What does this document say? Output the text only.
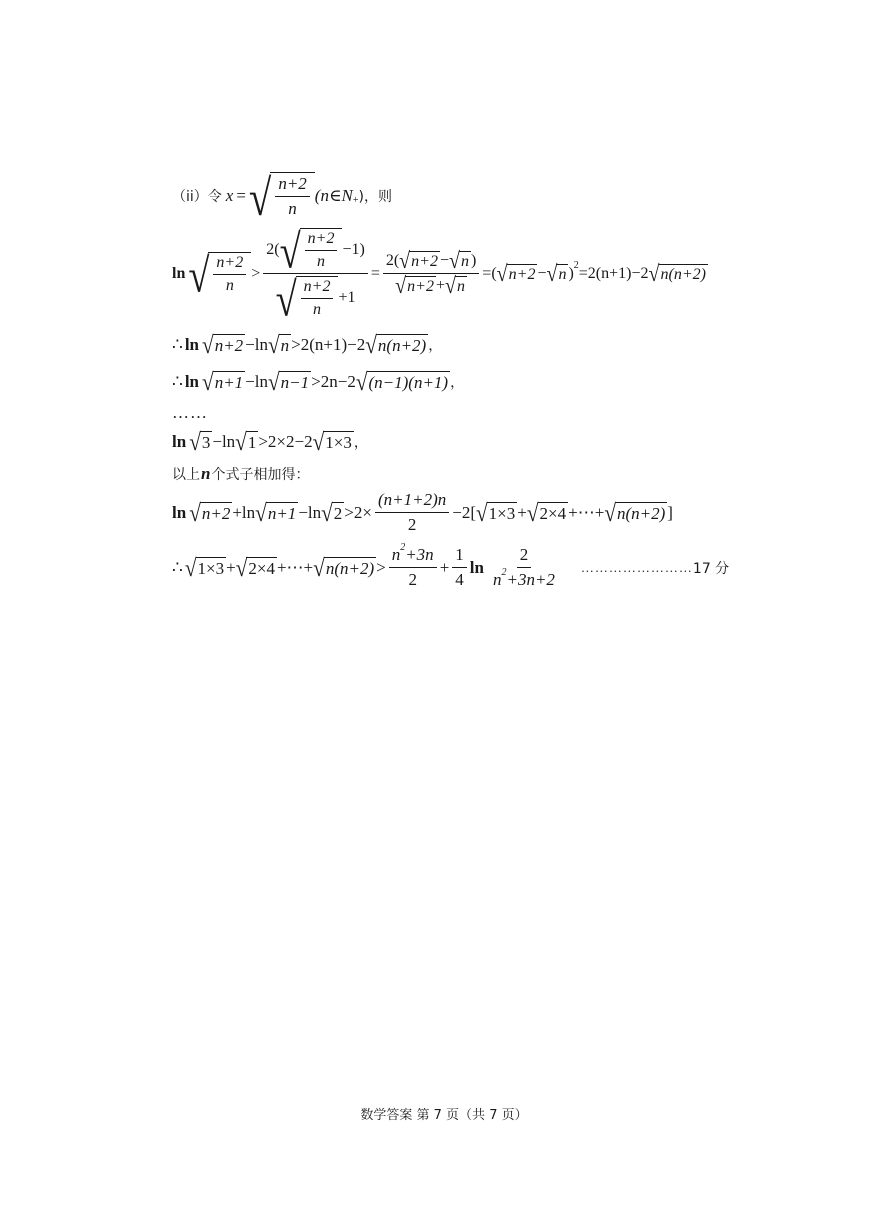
（ⅰⅰ）令 x = √ $\frac{n+2}{n}$ (n∈N + )，则
ln √ $\frac{n+2}{n} > \frac{2( √ \frac{n+2}{n} -1)}{√ \frac{n+2}{n} +1} = \frac{2( √ n+2 - √ n )}{√ n+2 + √ n}$ =( √ n+2 − √ n ) 2 =2(n+1)−2 √ n(n+2)
∴ ln √ n+2 −ln √ n >2(n+1)−2 √ n(n+2) ，
∴ ln √ n+1 −ln √ n−1 >2n−2 √ (n−1)(n+1) ，
……
ln √ 3 −ln √ 1 >2×2−2 √ 1×3 ，
以上 n 个式子相加得：
ln √ n+2 +ln √ n+1 −ln √ $2 >2\times \frac{(n+1+2)n}{2} -2$[ √ 1×3 + √ 2×4 +⋯+ √ n(n+2) ]
∴ √ 1×3 + √ 2×4 +⋯+ √ $n(n+2) > \frac{n 2 +3n}{2} + \frac{1}{4}$ $\ln \frac{2}{n 2 +3n+2}$ …………………… 17 分
数学答案 第 7 页（共 7 页）
